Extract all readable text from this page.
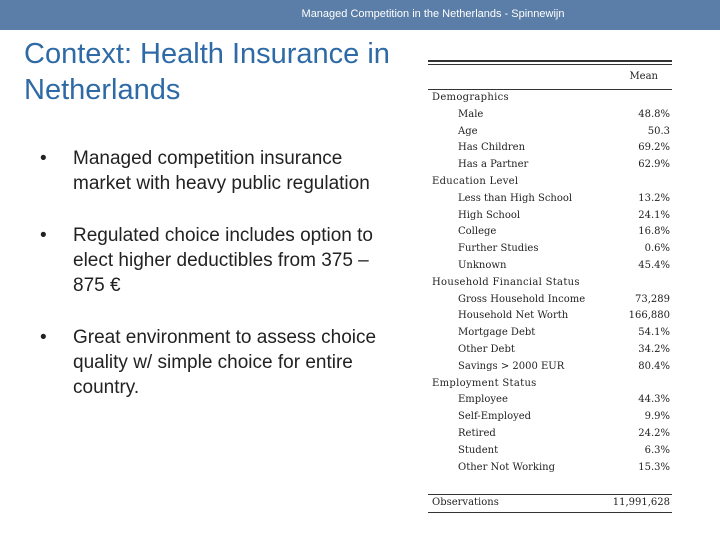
Managed Competition in the Netherlands - Spinnewijn
Context: Health Insurance in Netherlands
• Managed competition insurance market with heavy public regulation
• Regulated choice includes option to elect higher deductibles from 375 – 875 €
• Great environment to assess choice quality w/ simple choice for entire country.
Mean
Demographics
Male	48.8%
Age	50.3
Has Children	69.2%
Has a Partner	62.9%
Education Level
Less than High School	13.2%
High School	24.1%
College	16.8%
Further Studies	0.6%
Unknown	45.4%
Household Financial Status
Gross Household Income	73,289
Household Net Worth	166,880
Mortgage Debt	54.1%
Other Debt	34.2%
Savings > 2000 EUR	80.4%
Employment Status
Employee	44.3%
Self-Employed	9.9%
Retired	24.2%
Student	6.3%
Other Not Working	15.3%
Observations	11,991,628
